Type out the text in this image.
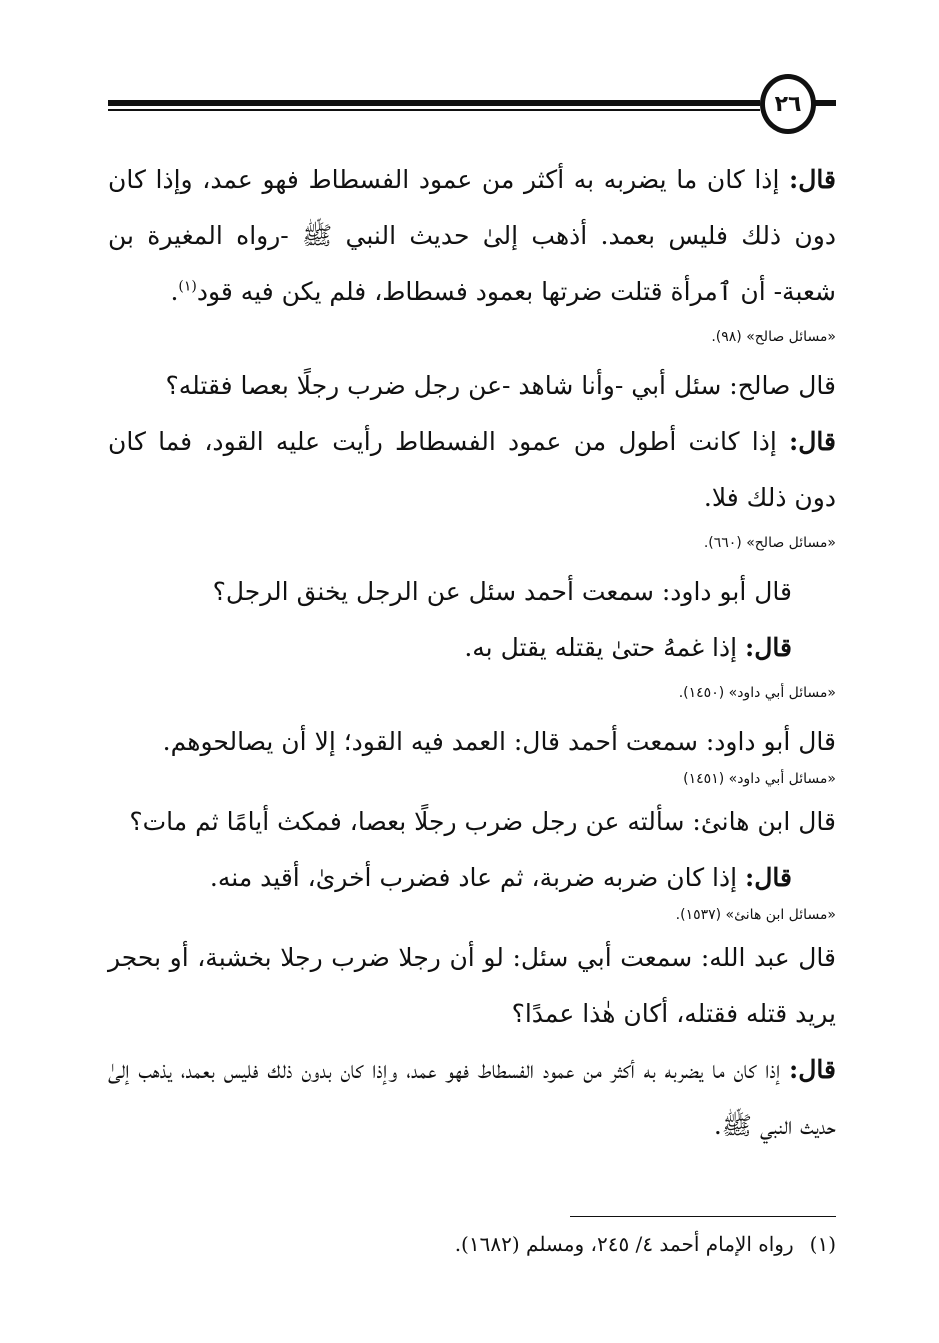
٢٦

قال: إذا كان ما يضربه به أكثر من عمود الفسطاط فهو عمد، وإذا كان دون ذلك فليس بعمد. أذهب إلىٰ حديث النبي ﷺ -رواه المغيرة بن شعبة- أن ٱمرأة قتلت ضرتها بعمود فسطاط، فلم يكن فيه قود$^{(١)}$.

«مسائل صالح» (٩٨).

قال صالح: سئل أبي -وأنا شاهد -عن رجل ضرب رجلًا بعصا فقتله؟

قال: إذا كانت أطول من عمود الفسطاط رأيت عليه القود، فما كان دون ذلك فلا.

«مسائل صالح» (٦٦٠).

قال أبو داود: سمعت أحمد سئل عن الرجل يخنق الرجل؟

قال: إذا غمهُ حتىٰ يقتله يقتل به.

«مسائل أبي داود» (١٤٥٠).

قال أبو داود: سمعت أحمد قال: العمد فيه القود؛ إلا أن يصالحوهم.

«مسائل أبي داود» (١٤٥١)

قال ابن هانئ: سألته عن رجل ضرب رجلًا بعصا، فمكث أيامًا ثم مات؟

قال: إذا كان ضربه ضربة، ثم عاد فضرب أخرىٰ، أقيد منه.

«مسائل ابن هانئ» (١٥٣٧).

قال عبد الله: سمعت أبي سئل: لو أن رجلا ضرب رجلا بخشبة، أو بحجر يريد قتله فقتله، أكان هٰذا عمدًا؟

قال: إذا كان ما يضربه به أكثر من عمود الفسطاط فهو عمد، وإذا كان بدون ذلك فليس بعمد، يذهب إلىٰ حديث النبي ﷺ.

(١)رواه الإمام أحمد ٤/ ٢٤٥، ومسلم (١٦٨٢).
